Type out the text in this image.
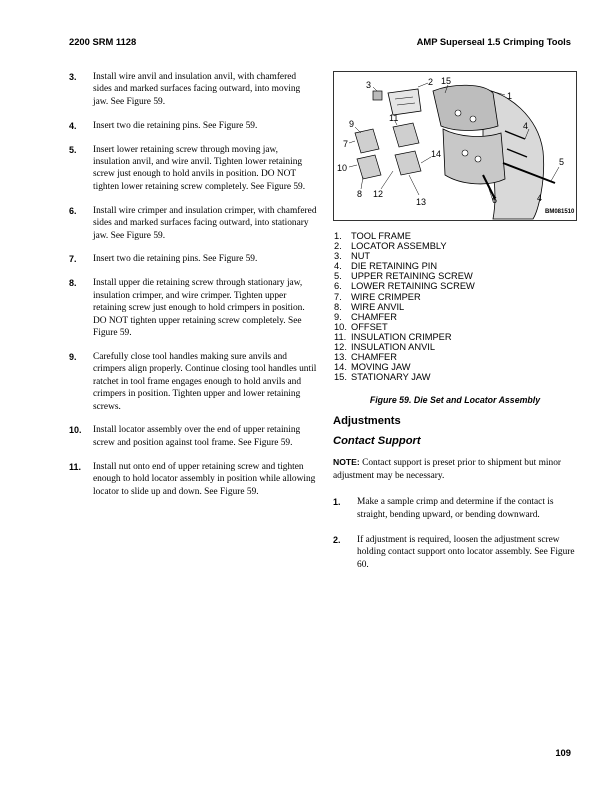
2200 SRM 1128	AMP Superseal 1.5 Crimping Tools
3. Install wire anvil and insulation anvil, with chamfered sides and marked surfaces facing outward, into moving jaw. See Figure 59.
4. Insert two die retaining pins. See Figure 59.
5. Insert lower retaining screw through moving jaw, insulation anvil, and wire anvil. Tighten lower retaining screw just enough to hold anvils in position. DO NOT tighten lower retaining screw completely. See Figure 59.
6. Install wire crimper and insulation crimper, with chamfered sides and marked surfaces facing outward, into stationary jaw. See Figure 59.
7. Insert two die retaining pins. See Figure 59.
8. Install upper die retaining screw through stationary jaw, insulation crimper, and wire crimper. Tighten upper retaining screw just enough to hold crimpers in position. DO NOT tighten upper retaining screw completely. See Figure 59.
9. Carefully close tool handles making sure anvils and crimpers align properly. Continue closing tool handles until ratchet in tool frame engages enough to hold anvils and crimpers in position. Tighten upper and lower retaining screws.
10. Install locator assembly over the end of upper retaining screw and position against tool frame. See Figure 59.
11. Install nut onto end of upper retaining screw and tighten enough to hold locator assembly in position while allowing locator to slide up and down. See Figure 59.
1
2
3
4
4
5
6
7
8
9
10
11
12
13
14
15
BM081510
1. TOOL FRAME
2. LOCATOR ASSEMBLY
3. NUT
4. DIE RETAINING PIN
5. UPPER RETAINING SCREW
6. LOWER RETAINING SCREW
7. WIRE CRIMPER
8. WIRE ANVIL
9. CHAMFER
10. OFFSET
11. INSULATION CRIMPER
12. INSULATION ANVIL
13. CHAMFER
14. MOVING JAW
15. STATIONARY JAW
Figure 59. Die Set and Locator Assembly
Adjustments
Contact Support
NOTE: Contact support is preset prior to shipment but minor adjustment may be necessary.
1. Make a sample crimp and determine if the contact is straight, bending upward, or bending downward.
2. If adjustment is required, loosen the adjustment screw holding contact support onto locator assembly. See Figure 60.
109
